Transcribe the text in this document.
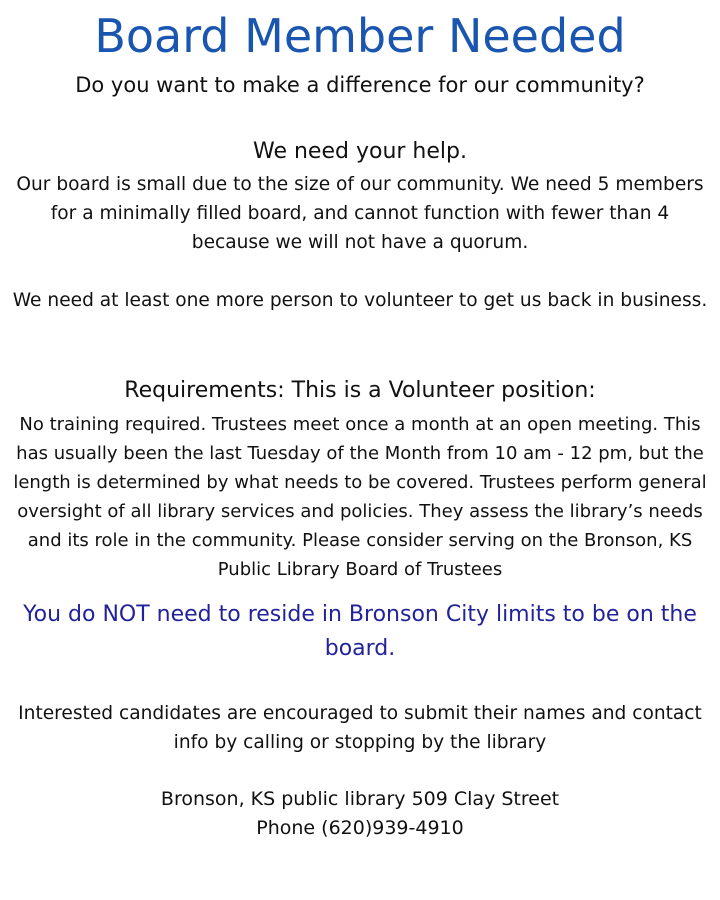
Board Member Needed
Do you want to make a difference for our community?
We need your help.
Our board is small due to the size of our community. We need 5 members for a minimally filled board, and cannot function with fewer than 4 because we will not have a quorum.
We need at least one more person to volunteer to get us back in business.
Requirements: This is a Volunteer position:
No training required. Trustees meet once a month at an open meeting. This has usually been the last Tuesday of the Month from 10 am - 12 pm, but the length is determined by what needs to be covered. Trustees perform general oversight of all library services and policies. They assess the library’s needs and its role in the community. Please consider serving on the Bronson, KS Public Library Board of Trustees
You do NOT need to reside in Bronson City limits to be on the board.
Interested candidates are encouraged to submit their names and contact info by calling or stopping by the library
Bronson, KS public library 509 Clay Street
Phone (620)939-4910
